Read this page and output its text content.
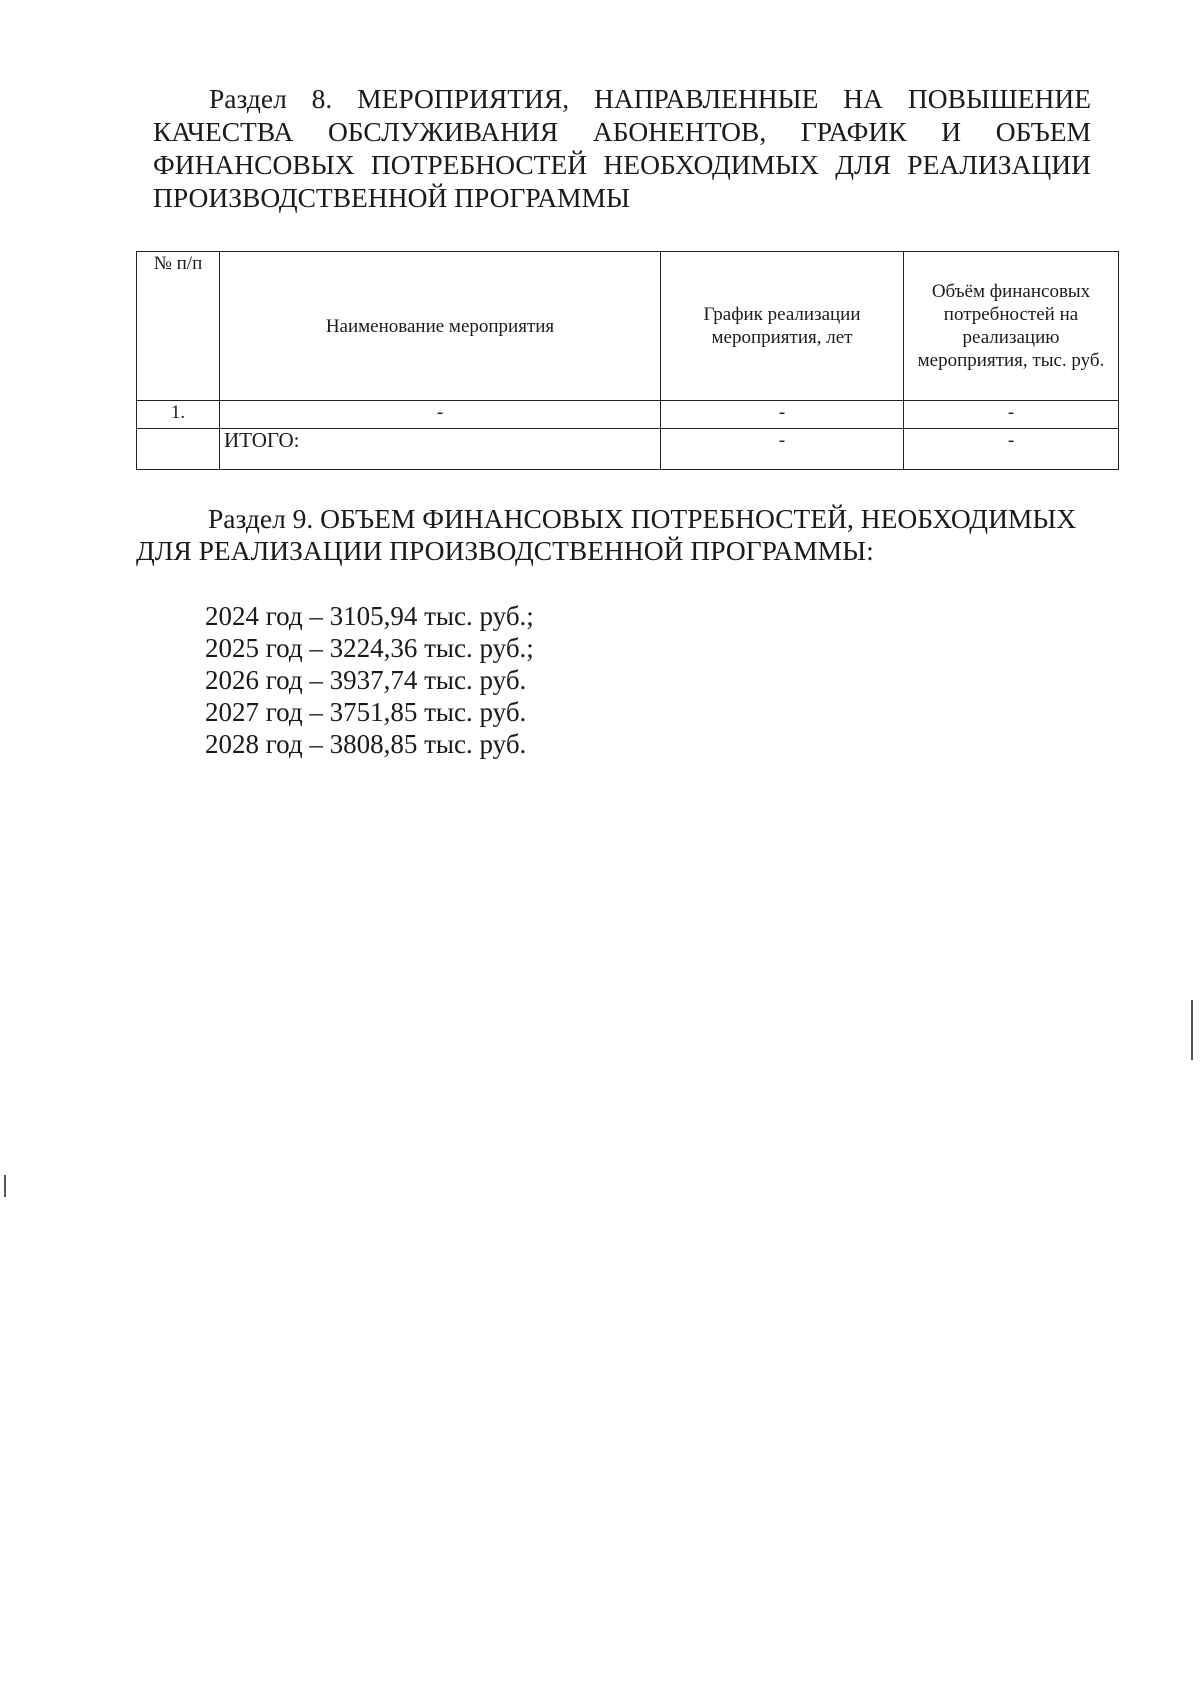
Раздел 8. МЕРОПРИЯТИЯ, НАПРАВЛЕННЫЕ НА ПОВЫШЕНИЕ КАЧЕСТВА ОБСЛУЖИВАНИЯ АБОНЕНТОВ, ГРАФИК И ОБЪЕМ ФИНАНСОВЫХ ПОТРЕБНОСТЕЙ НЕОБХОДИМЫХ ДЛЯ РЕАЛИЗАЦИИ ПРОИЗВОДСТВЕННОЙ ПРОГРАММЫ
№ п/п	Наименование мероприятия	График реализации мероприятия, лет	Объём финансовых потребностей на реализацию мероприятия, тыс. руб.
1.	-	-	-
	ИТОГО:	-	-
Раздел 9. ОБЪЕМ ФИНАНСОВЫХ ПОТРЕБНОСТЕЙ, НЕОБХОДИМЫХ ДЛЯ РЕАЛИЗАЦИИ ПРОИЗВОДСТВЕННОЙ ПРОГРАММЫ:
2024 год – 3105,94 тыс. руб.;
2025 год – 3224,36 тыс. руб.;
2026 год – 3937,74 тыс. руб.
2027 год – 3751,85 тыс. руб.
2028 год – 3808,85 тыс. руб.
